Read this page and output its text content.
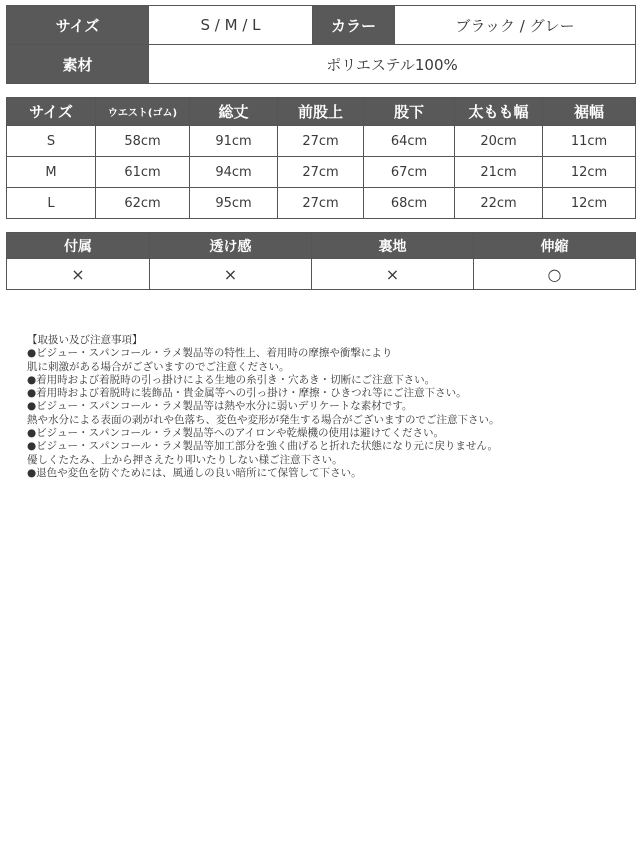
サイズ	S / M / L	カラー	ブラック / グレー
素材	ポリエステル100%		
サイズ	ウエスト(ゴム)	総丈	前股上	股下	太もも幅	裾幅
S	58cm	91cm	27cm	64cm	20cm	11cm
M	61cm	94cm	27cm	67cm	21cm	12cm
L	62cm	95cm	27cm	68cm	22cm	12cm
付属	透け感	裏地	伸縮
×	×	×	○
【取扱い及び注意事項】
●ビジュー・スパンコール・ラメ製品等の特性上、着用時の摩擦や衝撃により
肌に刺激がある場合がございますのでご注意ください。
●着用時および着脱時の引っ掛けによる生地の糸引き・穴あき・切断にご注意下さい。
●着用時および着脱時に装飾品・貴金属等への引っ掛け・摩擦・ひきつれ等にご注意下さい。
●ビジュー・スパンコール・ラメ製品等は熱や水分に弱いデリケートな素材です。
熱や水分による表面の剥がれや色落ち、変色や変形が発生する場合がございますのでご注意下さい。
●ビジュー・スパンコール・ラメ製品等へのアイロンや乾燥機の使用は避けてください。
●ビジュー・スパンコール・ラメ製品等加工部分を強く曲げると折れた状態になり元に戻りません。
優しくたたみ、上から押さえたり叩いたりしない様ご注意下さい。
●退色や変色を防ぐためには、風通しの良い暗所にて保管して下さい。
